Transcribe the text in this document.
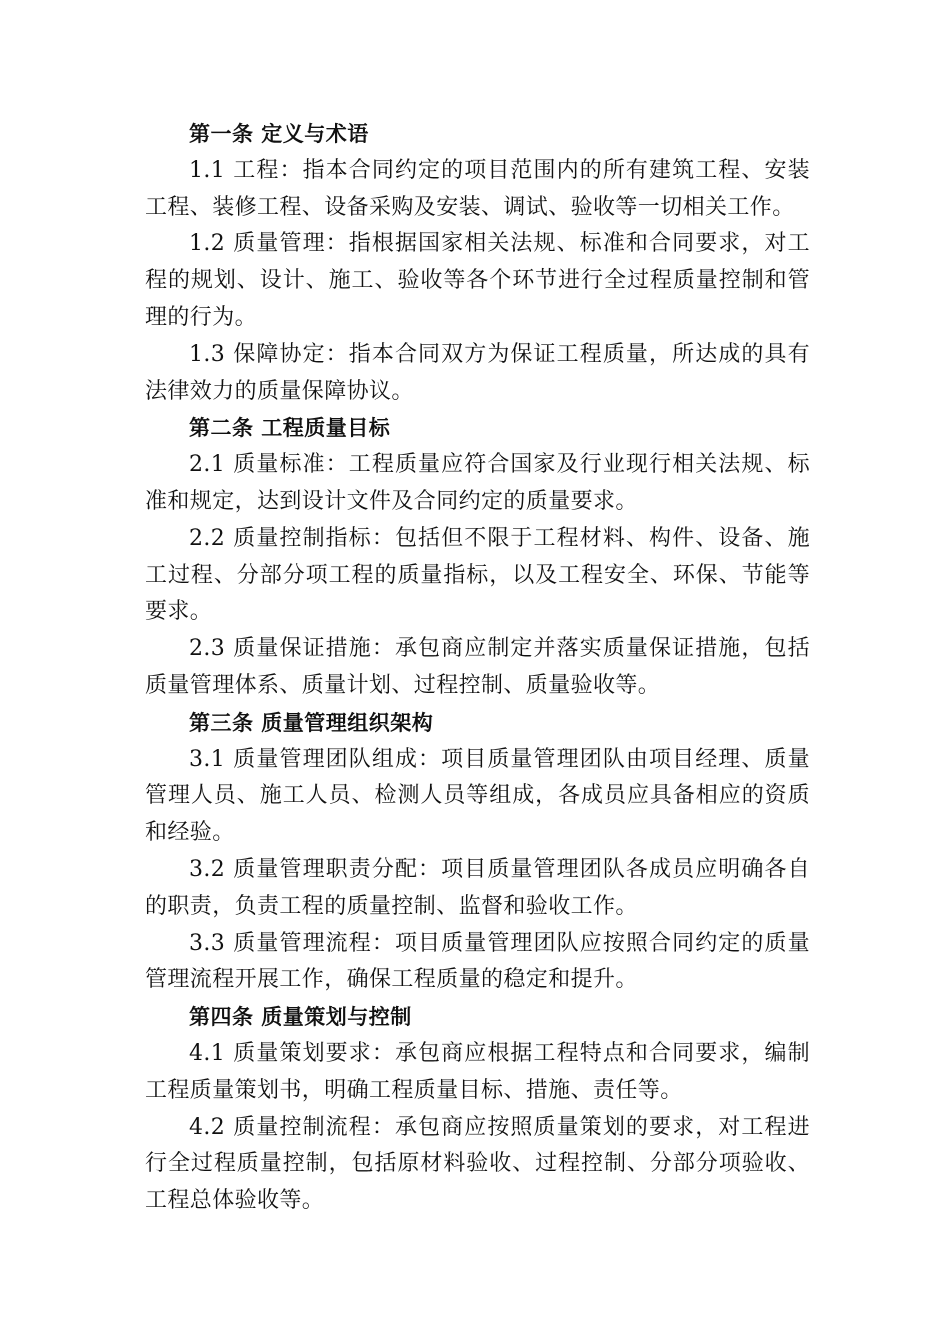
第一条 定义与术语

1.1 工程：指本合同约定的项目范围内的所有建筑工程、安装工程、装修工程、设备采购及安装、调试、验收等一切相关工作。

1.2 质量管理：指根据国家相关法规、标准和合同要求，对工程的规划、设计、施工、验收等各个环节进行全过程质量控制和管理的行为。

1.3 保障协定：指本合同双方为保证工程质量，所达成的具有法律效力的质量保障协议。

第二条 工程质量目标

2.1 质量标准：工程质量应符合国家及行业现行相关法规、标准和规定，达到设计文件及合同约定的质量要求。

2.2 质量控制指标：包括但不限于工程材料、构件、设备、施工过程、分部分项工程的质量指标，以及工程安全、环保、节能等要求。

2.3 质量保证措施：承包商应制定并落实质量保证措施，包括质量管理体系、质量计划、过程控制、质量验收等。

第三条 质量管理组织架构

3.1 质量管理团队组成：项目质量管理团队由项目经理、质量管理人员、施工人员、检测人员等组成，各成员应具备相应的资质和经验。

3.2 质量管理职责分配：项目质量管理团队各成员应明确各自的职责，负责工程的质量控制、监督和验收工作。

3.3 质量管理流程：项目质量管理团队应按照合同约定的质量管理流程开展工作，确保工程质量的稳定和提升。

第四条 质量策划与控制

4.1 质量策划要求：承包商应根据工程特点和合同要求，编制工程质量策划书，明确工程质量目标、措施、责任等。

4.2 质量控制流程：承包商应按照质量策划的要求，对工程进行全过程质量控制，包括原材料验收、过程控制、分部分项验收、工程总体验收等。
